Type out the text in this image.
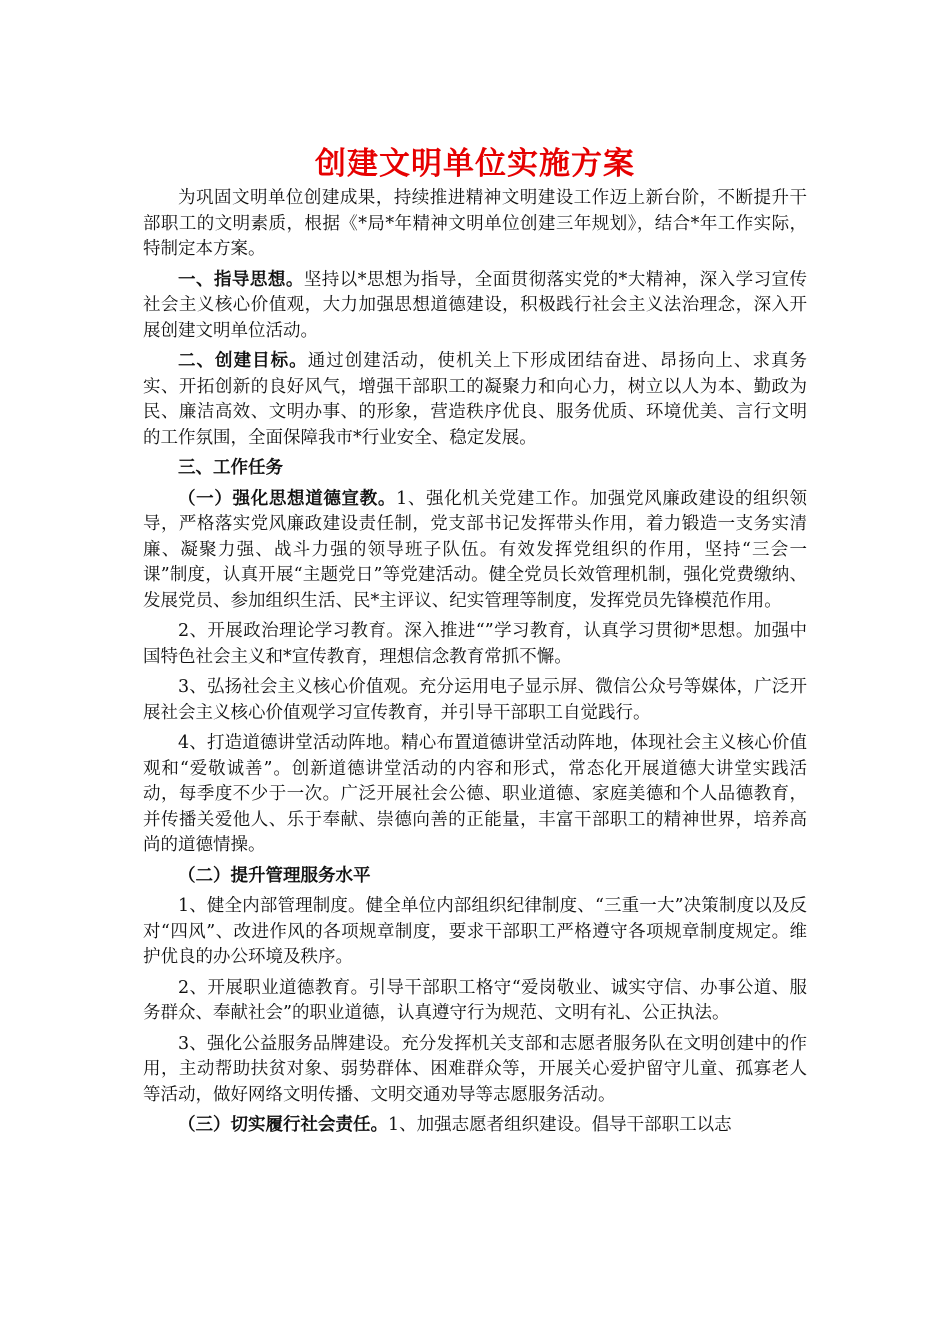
创建文明单位实施方案

为巩固文明单位创建成果，持续推进精神文明建设工作迈上新台阶，不断提升干部职工的文明素质，根据《*局*年精神文明单位创建三年规划》，结合*年工作实际，特制定本方案。

一、指导思想。坚持以*思想为指导，全面贯彻落实党的*大精神，深入学习宣传社会主义核心价值观，大力加强思想道德建设，积极践行社会主义法治理念，深入开展创建文明单位活动。

二、创建目标。通过创建活动，使机关上下形成团结奋进、昂扬向上、求真务实、开拓创新的良好风气，增强干部职工的凝聚力和向心力，树立以人为本、勤政为民、廉洁高效、文明办事、的形象，营造秩序优良、服务优质、环境优美、言行文明的工作氛围，全面保障我市*行业安全、稳定发展。

三、工作任务

（一）强化思想道德宣教。1、强化机关党建工作。加强党风廉政建设的组织领导，严格落实党风廉政建设责任制，党支部书记发挥带头作用，着力锻造一支务实清廉、凝聚力强、战斗力强的领导班子队伍。有效发挥党组织的作用，坚持“三会一课”制度，认真开展“主题党日”等党建活动。健全党员长效管理机制，强化党费缴纳、发展党员、参加组织生活、民*主评议、纪实管理等制度，发挥党员先锋模范作用。

2、开展政治理论学习教育。深入推进“”学习教育，认真学习贯彻*思想。加强中国特色社会主义和*宣传教育，理想信念教育常抓不懈。

3、弘扬社会主义核心价值观。充分运用电子显示屏、微信公众号等媒体，广泛开展社会主义核心价值观学习宣传教育，并引导干部职工自觉践行。

4、打造道德讲堂活动阵地。精心布置道德讲堂活动阵地，体现社会主义核心价值观和“爱敬诚善”。创新道德讲堂活动的内容和形式，常态化开展道德大讲堂实践活动，每季度不少于一次。广泛开展社会公德、职业道德、家庭美德和个人品德教育，并传播关爱他人、乐于奉献、崇德向善的正能量，丰富干部职工的精神世界，培养高尚的道德情操。

（二）提升管理服务水平

1、健全内部管理制度。健全单位内部组织纪律制度、“三重一大”决策制度以及反对“四风”、改进作风的各项规章制度，要求干部职工严格遵守各项规章制度规定。维护优良的办公环境及秩序。

2、开展职业道德教育。引导干部职工格守“爱岗敬业、诚实守信、办事公道、服务群众、奉献社会”的职业道德，认真遵守行为规范、文明有礼、公正执法。

3、强化公益服务品牌建设。充分发挥机关支部和志愿者服务队在文明创建中的作用，主动帮助扶贫对象、弱势群体、困难群众等，开展关心爱护留守儿童、孤寡老人等活动，做好网络文明传播、文明交通劝导等志愿服务活动。

（三）切实履行社会责任。1、加强志愿者组织建设。倡导干部职工以志
